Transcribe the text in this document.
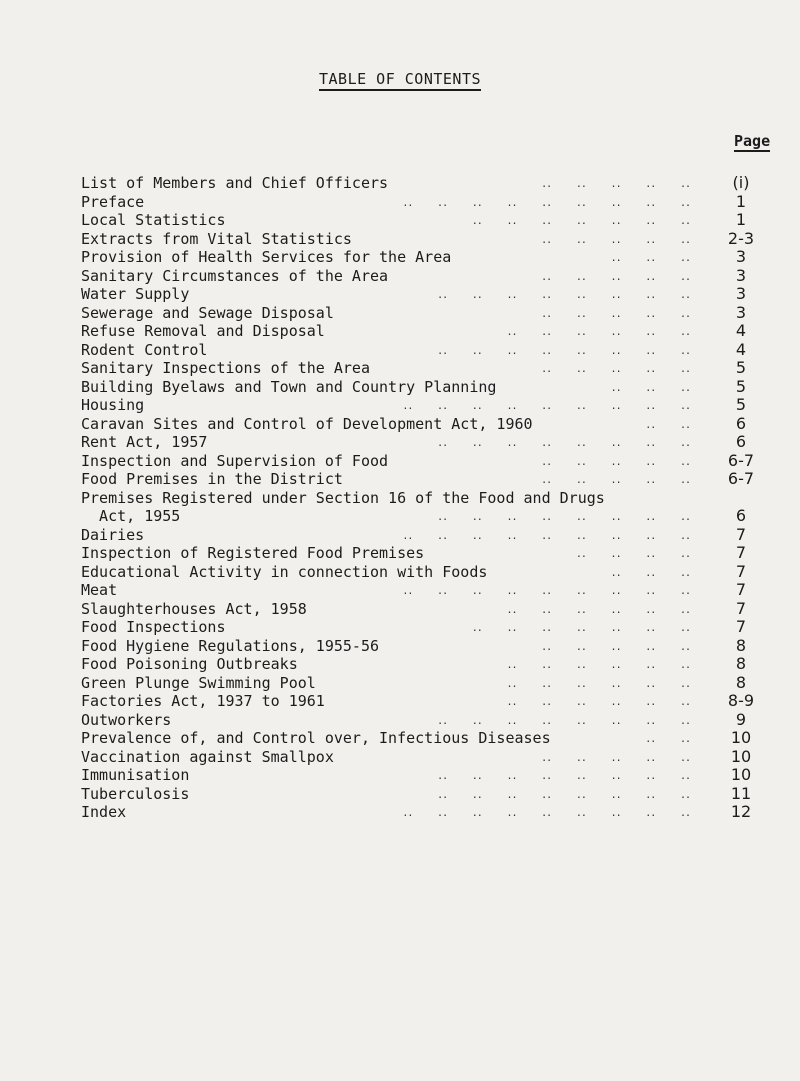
TABLE OF CONTENTS
Page
List of Members and Chief Officers	․․   ․․   ․․   ․․   ․․	(i)
Preface	․․   ․․   ․․   ․․   ․․   ․․   ․․   ․․   ․․	1
Local Statistics	․․   ․․   ․․   ․․   ․․   ․․   ․․	1
Extracts from Vital Statistics	․․   ․․   ․․   ․․   ․․	2-3
Provision of Health Services for the Area	․․   ․․   ․․	3
Sanitary Circumstances of the Area	․․   ․․   ․․   ․․   ․․	3
Water Supply	․․   ․․   ․․   ․․   ․․   ․․   ․․   ․․	3
Sewerage and Sewage Disposal	․․   ․․   ․․   ․․   ․․	3
Refuse Removal and Disposal	․․   ․․   ․․   ․․   ․․   ․․	4
Rodent Control	․․   ․․   ․․   ․․   ․․   ․․   ․․   ․․	4
Sanitary Inspections of the Area	․․   ․․   ․․   ․․   ․․	5
Building Byelaws and Town and Country Planning	․․   ․․   ․․	5
Housing	․․   ․․   ․․   ․․   ․․   ․․   ․․   ․․   ․․	5
Caravan Sites and Control of Development Act, 1960	․․   ․․	6
Rent Act, 1957	․․   ․․   ․․   ․․   ․․   ․․   ․․   ․․	6
Inspection and Supervision of Food	․․   ․․   ․․   ․․   ․․	6-7
Food Premises in the District	․․   ․․   ․․   ․․   ․․	6-7
Premises Registered under Section 16 of the Food and Drugs
Act, 1955	․․   ․․   ․․   ․․   ․․   ․․   ․․   ․․	6
Dairies	․․   ․․   ․․   ․․   ․․   ․․   ․․   ․․   ․․	7
Inspection of Registered Food Premises	․․   ․․   ․․   ․․	7
Educational Activity in connection with Foods	․․   ․․   ․․	7
Meat	․․   ․․   ․․   ․․   ․․   ․․   ․․   ․․   ․․	7
Slaughterhouses Act, 1958	․․   ․․   ․․   ․․   ․․   ․․	7
Food Inspections	․․   ․․   ․․   ․․   ․․   ․․   ․․	7
Food Hygiene Regulations, 1955-56	․․   ․․   ․․   ․․   ․․	8
Food Poisoning Outbreaks	․․   ․․   ․․   ․․   ․․   ․․	8
Green Plunge Swimming Pool	․․   ․․   ․․   ․․   ․․   ․․	8
Factories Act, 1937 to 1961	․․   ․․   ․․   ․․   ․․   ․․	8-9
Outworkers	․․   ․․   ․․   ․․   ․․   ․․   ․․   ․․	9
Prevalence of, and Control over, Infectious Diseases	․․   ․․	10
Vaccination against Smallpox	․․   ․․   ․․   ․․   ․․	10
Immunisation	․․   ․․   ․․   ․․   ․․   ․․   ․․   ․․	10
Tuberculosis	․․   ․․   ․․   ․․   ․․   ․․   ․․   ․․	11
Index	․․   ․․   ․․   ․․   ․․   ․․   ․․   ․․   ․․	12
